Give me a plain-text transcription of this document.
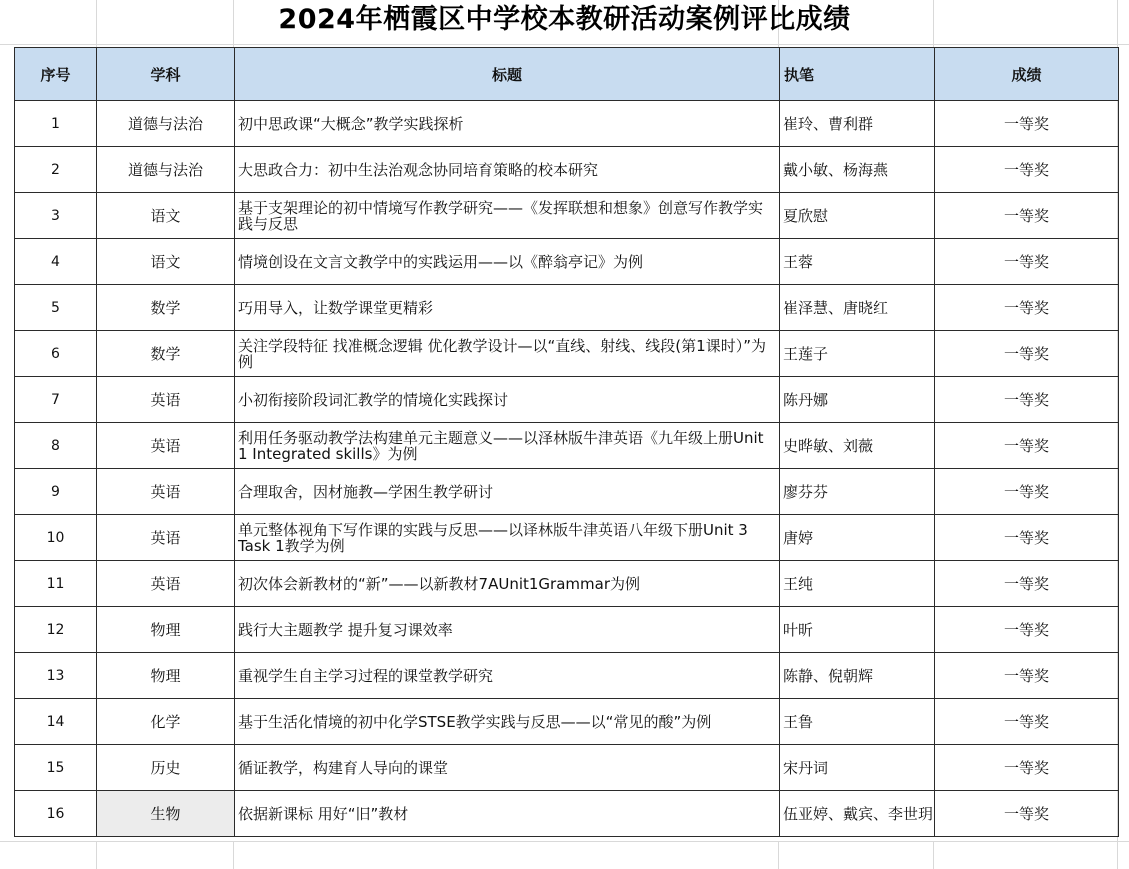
2024年栖霞区中学校本教研活动案例评比成绩
序号	学科	标题	执笔	成绩
1	道德与法治	初中思政课“大概念”教学实践探析	崔玲、曹利群	一等奖
2	道德与法治	大思政合力：初中生法治观念协同培育策略的校本研究	戴小敏、杨海燕	一等奖
3	语文	基于支架理论的初中情境写作教学研究——《发挥联想和想象》创意写作教学实践与反思	夏欣慰	一等奖
4	语文	情境创设在文言文教学中的实践运用——以《醉翁亭记》为例	王蓉	一等奖
5	数学	巧用导入，让数学课堂更精彩	崔泽慧、唐晓红	一等奖
6	数学	关注学段特征 找准概念逻辑 优化教学设计—以“直线、射线、线段(第1课时）”为例	王莲子	一等奖
7	英语	小初衔接阶段词汇教学的情境化实践探讨	陈丹娜	一等奖
8	英语	利用任务驱动教学法构建单元主题意义——以泽林版牛津英语《九年级上册Unit 1 Integrated skills》为例	史晔敏、刘薇	一等奖
9	英语	合理取舍，因材施教—学困生教学研讨	廖芬芬	一等奖
10	英语	单元整体视角下写作课的实践与反思——以译林版牛津英语八年级下册Unit 3 Task 1教学为例	唐婷	一等奖
11	英语	初次体会新教材的“新”——以新教材7AUnit1Grammar为例	王纯	一等奖
12	物理	践行大主题教学 提升复习课效率	叶昕	一等奖
13	物理	重视学生自主学习过程的课堂教学研究	陈静、倪朝辉	一等奖
14	化学	基于生活化情境的初中化学STSE教学实践与反思——以“常见的酸”为例	王鲁	一等奖
15	历史	循证教学，构建育人导向的课堂	宋丹词	一等奖
16	生物	依据新课标 用好“旧”教材	伍亚婷、戴宾、李世玥	一等奖
